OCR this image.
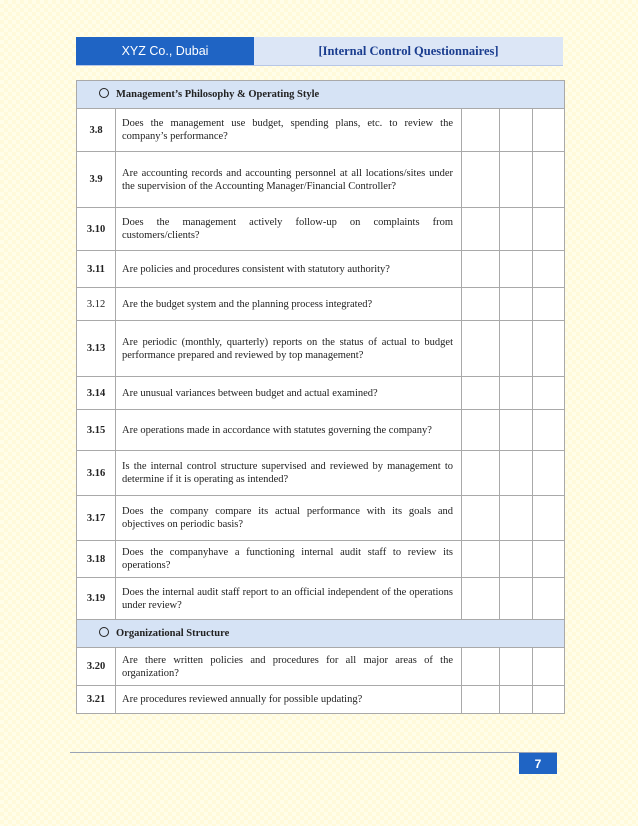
XYZ Co., Dubai	[Internal Control Questionnaires]
Management’s Philosophy & Operating Style				
3.8	Does the management use budget, spending plans, etc. to review the company’s performance?			
3.9	Are accounting records and accounting personnel at all locations/sites under the supervision of the Accounting Manager/Financial Controller?			
3.10	Does the management actively follow-up on complaints from customers/clients?			
3.11	Are policies and procedures consistent with statutory authority?			
3.12	Are the budget system and the planning process integrated?			
3.13	Are periodic (monthly, quarterly) reports on the status of actual to budget performance prepared and reviewed by top management?			
3.14	Are unusual variances between budget and actual examined?			
3.15	Are operations made in accordance with statutes governing the company?			
3.16	Is the internal control structure supervised and reviewed by management to determine if it is operating as intended?			
3.17	Does the company compare its actual performance with its goals and objectives on periodic basis?			
3.18	Does the companyhave a functioning internal audit staff to review its operations?			
3.19	Does the internal audit staff report to an official independent of the operations under review?			
Organizational Structure				
3.20	Are there written policies and procedures for all major areas of the organization?			
3.21	Are procedures reviewed annually for possible updating?			
7
